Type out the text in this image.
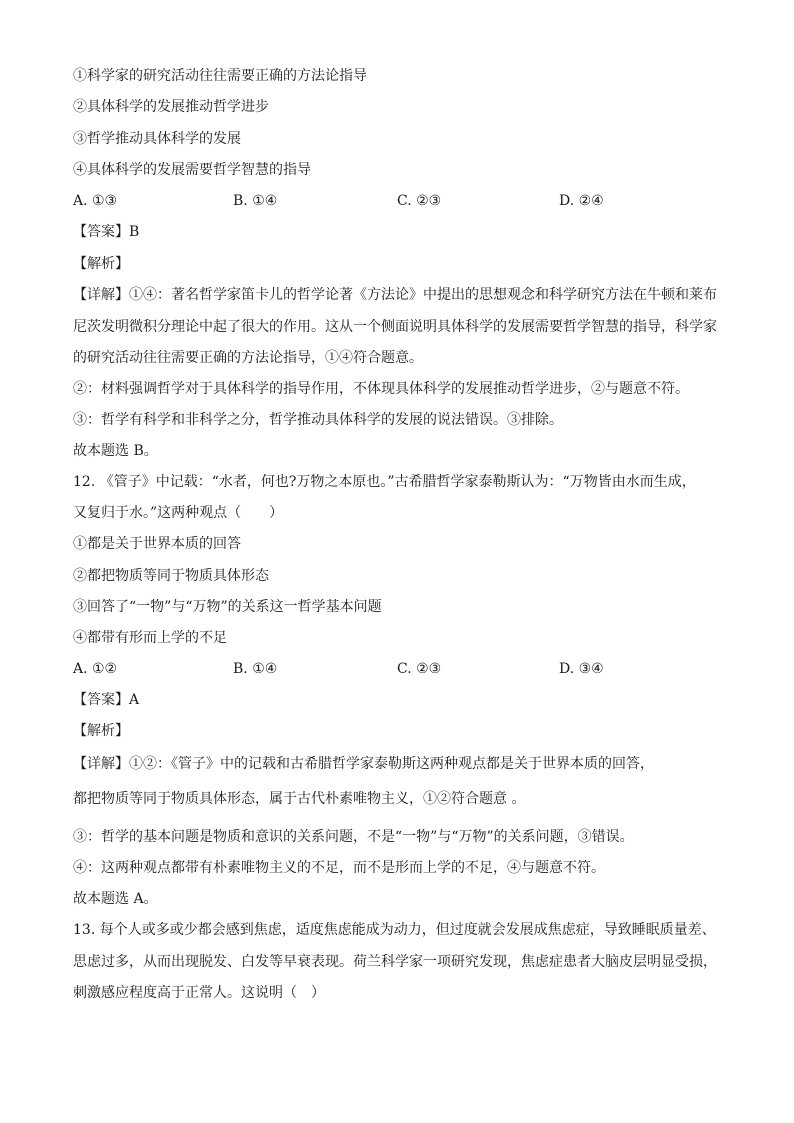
①科学家的研究活动往往需要正确的方法论指导
②具体科学的发展推动哲学进步
③哲学推动具体科学的发展
④具体科学的发展需要哲学智慧的指导
A. ①③	B. ①④	C. ②③	D. ②④
【答案】B
【解析】
【详解】①④：著名哲学家笛卡儿的哲学论著《方法论》中提出的思想观念和科学研究方法在牛顿和莱布
尼茨发明微积分理论中起了很大的作用。这从一个侧面说明具体科学的发展需要哲学智慧的指导，科学家
的研究活动往往需要正确的方法论指导，①④符合题意。
②：材料强调哲学对于具体科学的指导作用，不体现具体科学的发展推动哲学进步，②与题意不符。
③：哲学有科学和非科学之分，哲学推动具体科学的发展的说法错误。③排除。
故本题选 B。
12. 《管子》中记载：“水者，何也?万物之本原也。”古希腊哲学家泰勒斯认为：“万物皆由水而生成，
又复归于水。”这两种观点（　　）
①都是关于世界本质的回答
②都把物质等同于物质具体形态
③回答了“一物”与“万物”的关系这一哲学基本问题
④都带有形而上学的不足
A. ①②	B. ①④	C. ②③	D. ③④
【答案】A
【解析】
【详解】①②：《管子》中的记载和古希腊哲学家泰勒斯这两种观点都是关于世界本质的回答，
都把物质等同于物质具体形态，属于古代朴素唯物主义，①②符合题意 。
③：哲学的基本问题是物质和意识的关系问题，不是“一物”与“万物”的关系问题，③错误。
④：这两种观点都带有朴素唯物主义的不足，而不是形而上学的不足，④与题意不符。
故本题选 A。
13. 每个人或多或少都会感到焦虑，适度焦虑能成为动力，但过度就会发展成焦虑症，导致睡眠质量差、
思虑过多，从而出现脱发、白发等早衰表现。荷兰科学家一项研究发现，焦虑症患者大脑皮层明显受损，
刺激感应程度高于正常人。这说明（　）
